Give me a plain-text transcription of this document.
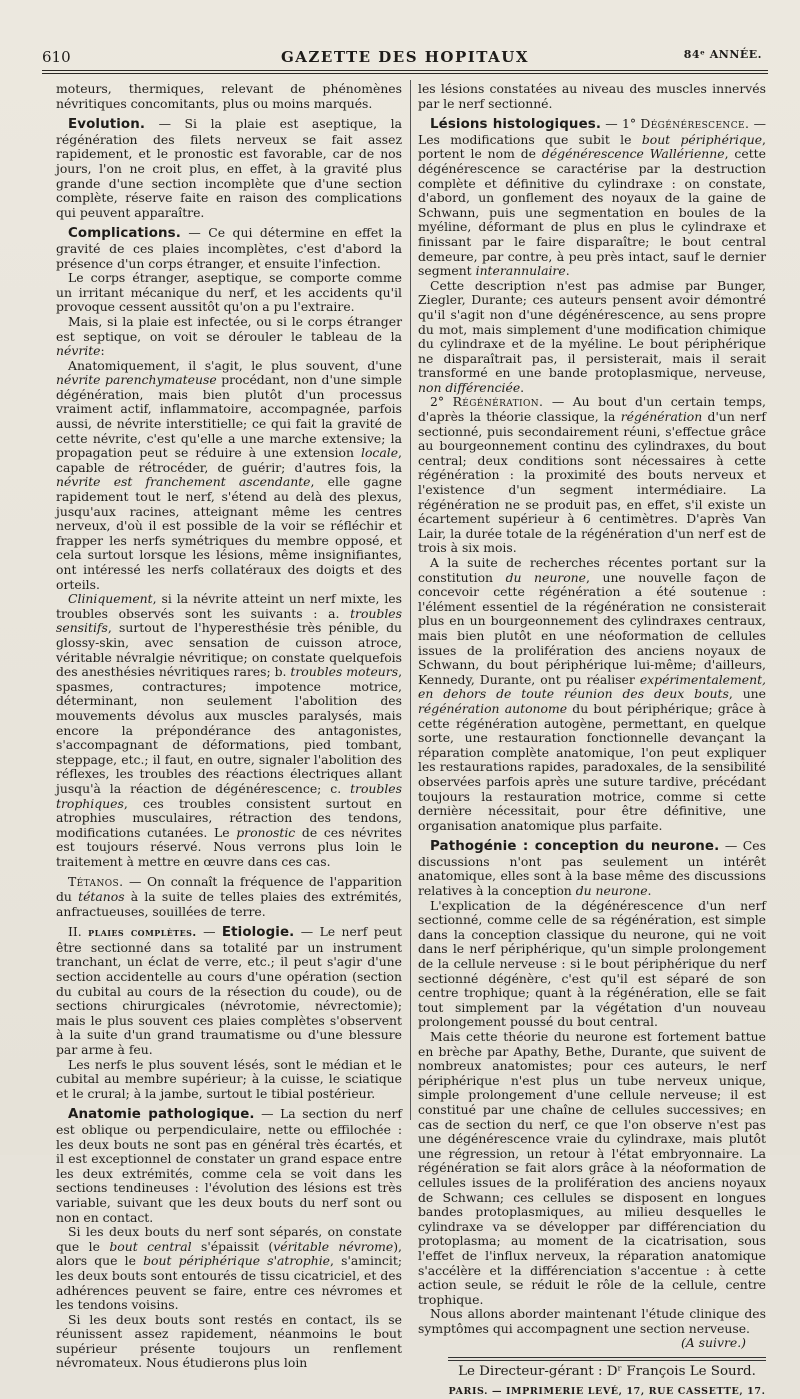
610	GAZETTE DES HOPITAUX	84ᵉ ANNÉE.

moteurs, thermiques, relevant de phénomènes névritiques concomitants, plus ou moins marqués.

Evolution. — Si la plaie est aseptique, la régénération des filets nerveux se fait assez rapidement, et le pronostic est favorable, car de nos jours, l'on ne croit plus, en effet, à la gravité plus grande d'une section incomplète que d'une section complète, réserve faite en raison des complications qui peuvent apparaître.

Complications. — Ce qui détermine en effet la gravité de ces plaies incomplètes, c'est d'abord la présence d'un corps étranger, et ensuite l'infection.

Le corps étranger, aseptique, se comporte comme un irritant mécanique du nerf, et les accidents qu'il provoque cessent aussitôt qu'on a pu l'extraire.

Mais, si la plaie est infectée, ou si le corps étranger est septique, on voit se dérouler le tableau de la névrite:

Anatomiquement, il s'agit, le plus souvent, d'une névrite parenchymateuse procédant, non d'une simple dégénération, mais bien plutôt d'un processus vraiment actif, inflammatoire, accompagnée, parfois aussi, de névrite interstitielle; ce qui fait la gravité de cette névrite, c'est qu'elle a une marche extensive; la propagation peut se réduire à une extension locale, capable de rétrocéder, de guérir; d'autres fois, la névrite est franchement ascendante, elle gagne rapidement tout le nerf, s'étend au delà des plexus, jusqu'aux racines, atteignant même les centres nerveux, d'où il est possible de la voir se réfléchir et frapper les nerfs symétriques du membre opposé, et cela surtout lorsque les lésions, même insignifiantes, ont intéressé les nerfs collatéraux des doigts et des orteils.

Cliniquement, si la névrite atteint un nerf mixte, les troubles observés sont les suivants : a. troubles sensitifs, surtout de l'hyperesthésie très pénible, du glossy-skin, avec sensation de cuisson atroce, véritable névralgie névritique; on constate quelquefois des anesthésies névritiques rares; b. troubles moteurs, spasmes, contractures; impotence motrice, déterminant, non seulement l'abolition des mouvements dévolus aux muscles paralysés, mais encore la prépondérance des antagonistes, s'accompagnant de déformations, pied tombant, steppage, etc.; il faut, en outre, signaler l'abolition des réflexes, les troubles des réactions électriques allant jusqu'à la réaction de dégénérescence; c. troubles trophiques, ces troubles consistent surtout en atrophies musculaires, rétraction des tendons, modifications cutanées. Le pronostic de ces névrites est toujours réservé. Nous verrons plus loin le traitement à mettre en œuvre dans ces cas.

Tétanos. — On connaît la fréquence de l'apparition du tétanos à la suite de telles plaies des extrémités, anfractueuses, souillées de terre.

II. plaies complètes. — Etiologie. — Le nerf peut être sectionné dans sa totalité par un instrument tranchant, un éclat de verre, etc.; il peut s'agir d'une section accidentelle au cours d'une opération (section du cubital au cours de la résection du coude), ou de sections chirurgicales (névrotomie, névrectomie); mais le plus souvent ces plaies complètes s'observent à la suite d'un grand traumatisme ou d'une blessure par arme à feu.

Les nerfs le plus souvent lésés, sont le médian et le cubital au membre supérieur; à la cuisse, le sciatique et le crural; à la jambe, surtout le tibial postérieur.

Anatomie pathologique. — La section du nerf est oblique ou perpendiculaire, nette ou effilochée : les deux bouts ne sont pas en général très écartés, et il est exceptionnel de constater un grand espace entre les deux extrémités, comme cela se voit dans les sections tendineuses : l'évolution des lésions est très variable, suivant que les deux bouts du nerf sont ou non en contact.

Si les deux bouts du nerf sont séparés, on constate que le bout central s'épaissit (véritable névrome), alors que le bout périphérique s'atrophie, s'amincit; les deux bouts sont entourés de tissu cicatriciel, et des adhérences peuvent se faire, entre ces névromes et les tendons voisins.

Si les deux bouts sont restés en contact, ils se réunissent assez rapidement, néanmoins le bout supérieur présente toujours un renflement névromateux. Nous étudierons plus loin

les lésions constatées au niveau des muscles innervés par le nerf sectionné.

Lésions histologiques. — 1° Dégénérescence. — Les modifications que subit le bout périphérique, portent le nom de dégénérescence Wallérienne, cette dégénérescence se caractérise par la destruction complète et définitive du cylindraxe : on constate, d'abord, un gonflement des noyaux de la gaine de Schwann, puis une segmentation en boules de la myéline, déformant de plus en plus le cylindraxe et finissant par le faire disparaître; le bout central demeure, par contre, à peu près intact, sauf le dernier segment interannulaire.

Cette description n'est pas admise par Bunger, Ziegler, Durante; ces auteurs pensent avoir démontré qu'il s'agit non d'une dégénérescence, au sens propre du mot, mais simplement d'une modification chimique du cylindraxe et de la myéline. Le bout périphérique ne disparaîtrait pas, il persisterait, mais il serait transformé en une bande protoplasmique, nerveuse, non différenciée.

2° Régénération. — Au bout d'un certain temps, d'après la théorie classique, la régénération d'un nerf sectionné, puis secondairement réuni, s'effectue grâce au bourgeonnement continu des cylindraxes, du bout central; deux conditions sont nécessaires à cette régénération : la proximité des bouts nerveux et l'existence d'un segment intermédiaire. La régénération ne se produit pas, en effet, s'il existe un écartement supérieur à 6 centimètres. D'après Van Lair, la durée totale de la régénération d'un nerf est de trois à six mois.

A la suite de recherches récentes portant sur la constitution du neurone, une nouvelle façon de concevoir cette régénération a été soutenue : l'élément essentiel de la régénération ne consisterait plus en un bourgeonnement des cylindraxes centraux, mais bien plutôt en une néoformation de cellules issues de la prolifération des anciens noyaux de Schwann, du bout périphérique lui-même; d'ailleurs, Kennedy, Durante, ont pu réaliser expérimentalement, en dehors de toute réunion des deux bouts, une régénération autonome du bout périphérique; grâce à cette régénération autogène, permettant, en quelque sorte, une restauration fonctionnelle devançant la réparation complète anatomique, l'on peut expliquer les restaurations rapides, paradoxales, de la sensibilité observées parfois après une suture tardive, précédant toujours la restauration motrice, comme si cette dernière nécessitait, pour être définitive, une organisation anatomique plus parfaite.

Pathogénie : conception du neurone. — Ces discussions n'ont pas seulement un intérêt anatomique, elles sont à la base même des discussions relatives à la conception du neurone.

L'explication de la dégénérescence d'un nerf sectionné, comme celle de sa régénération, est simple dans la conception classique du neurone, qui ne voit dans le nerf périphérique, qu'un simple prolongement de la cellule nerveuse : si le bout périphérique du nerf sectionné dégénère, c'est qu'il est séparé de son centre trophique; quant à la régénération, elle se fait tout simplement par la végétation d'un nouveau prolongement poussé du bout central.

Mais cette théorie du neurone est fortement battue en brèche par Apathy, Bethe, Durante, que suivent de nombreux anatomistes; pour ces auteurs, le nerf périphérique n'est plus un tube nerveux unique, simple prolongement d'une cellule nerveuse; il est constitué par une chaîne de cellules successives; en cas de section du nerf, ce que l'on observe n'est pas une dégénérescence vraie du cylindraxe, mais plutôt une régression, un retour à l'état embryonnaire. La régénération se fait alors grâce à la néoformation de cellules issues de la prolifération des anciens noyaux de Schwann; ces cellules se disposent en longues bandes protoplasmiques, au milieu desquelles le cylindraxe va se développer par différenciation du protoplasma; au moment de la cicatrisation, sous l'effet de l'influx nerveux, la réparation anatomique s'accélère et la différenciation s'accentue : à cette action seule, se réduit le rôle de la cellule, centre trophique.

Nous allons aborder maintenant l'étude clinique des symptômes qui accompagnent une section nerveuse.

(A suivre.)
Le Directeur-gérant : Dʳ François Le Sourd.
PARIS. — IMPRIMERIE LEVÉ, 17, RUE CASSETTE, 17.
